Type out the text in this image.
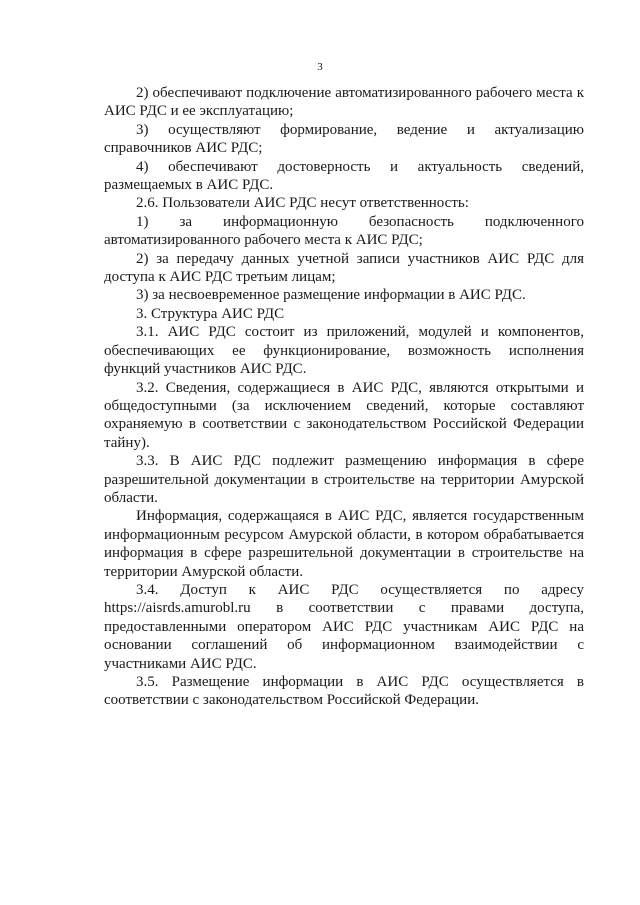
3

2) обеспечивают подключение автоматизированного рабочего места к АИС РДС и ее эксплуатацию;

3) осуществляют формирование, ведение и актуализацию справочников АИС РДС;

4) обеспечивают достоверность и актуальность сведений, размещаемых в АИС РДС.

2.6. Пользователи АИС РДС несут ответственность:

1) за информационную безопасность подключенного автоматизированного рабочего места к АИС РДС;

2) за передачу данных учетной записи участников АИС РДС для доступа к АИС РДС третьим лицам;

3) за несвоевременное размещение информации в АИС РДС.

3. Структура АИС РДС

3.1. АИС РДС состоит из приложений, модулей и компонентов, обеспечивающих ее функционирование, возможность исполнения функций участников АИС РДС.

3.2. Сведения, содержащиеся в АИС РДС, являются открытыми и общедоступными (за исключением сведений, которые составляют охраняемую в соответствии с законодательством Российской Федерации тайну).

3.3. В АИС РДС подлежит размещению информация в сфере разрешительной документации в строительстве на территории Амурской области.

Информация, содержащаяся в АИС РДС, является государственным информационным ресурсом Амурской области, в котором обрабатывается информация в сфере разрешительной документации в строительстве на территории Амурской области.

3.4. Доступ к АИС РДС осуществляется по адресу https://aisrds.amurobl.ru в соответствии с правами доступа, предоставленными оператором АИС РДС участникам АИС РДС на основании соглашений об информационном взаимодействии с участниками АИС РДС.

3.5. Размещение информации в АИС РДС осуществляется в соответствии с законодательством Российской Федерации.
